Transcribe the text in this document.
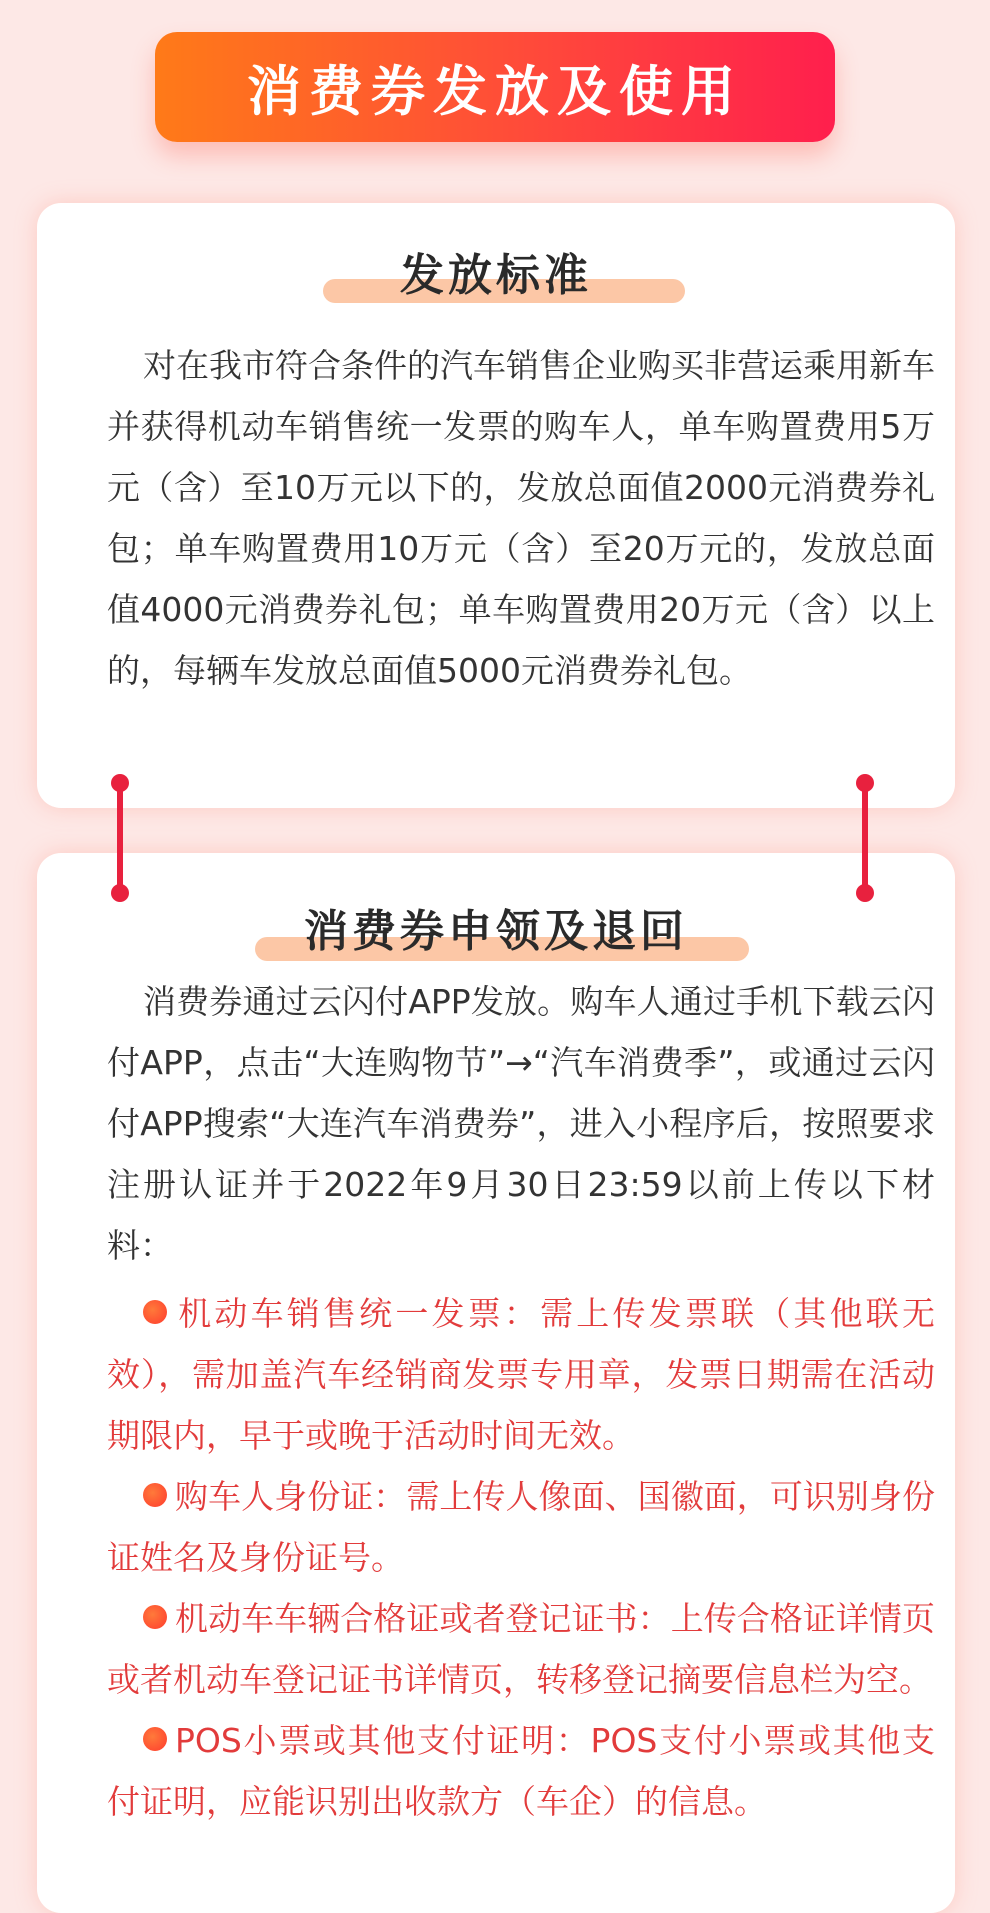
消费券发放及使用
发放标准

对在我市符合条件的汽车销售企业购买非营运乘用新车并获得机动车销售统一发票的购车人，单车购置费用5万元（含）至10万元以下的，发放总面值2000元消费券礼包；单车购置费用10万元（含）至20万元的，发放总面值4000元消费券礼包；单车购置费用20万元（含）以上的，每辆车发放总面值5000元消费券礼包。

消费券申领及退回

消费券通过云闪付APP发放。购车人通过手机下载云闪付APP，点击“大连购物节”→“汽车消费季”，或通过云闪付APP搜索“大连汽车消费券”，进入小程序后，按照要求注册认证并于2022年9月30日23:59以前上传以下材料：

机动车销售统一发票：需上传发票联（其他联无效），需加盖汽车经销商发票专用章，发票日期需在活动期限内，早于或晚于活动时间无效。
购车人身份证：需上传人像面、国徽面，可识别身份证姓名及身份证号。
机动车车辆合格证或者登记证书：上传合格证详情页或者机动车登记证书详情页，转移登记摘要信息栏为空。
POS小票或其他支付证明：POS支付小票或其他支付证明，应能识别出收款方（车企）的信息。
